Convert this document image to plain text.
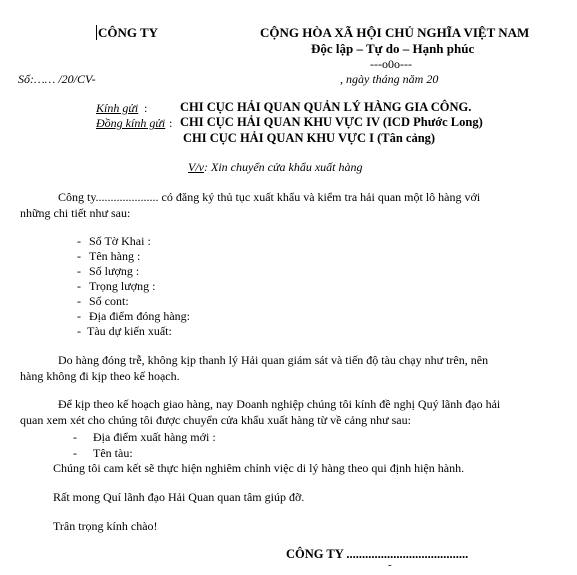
CÔNG TY	CỘNG HÒA XÃ HỘI CHỦ NGHĨA VIỆT NAM
Độc lập – Tự do – Hạnh phúc
---o0o---
Số:…… /20/CV-	, ngày tháng năm 20
Kính gửi :	CHI CỤC HẢI QUAN QUẢN LÝ HÀNG GIA CÔNG.
Đồng kính gửi : CHI CỤC HẢI QUAN KHU VỰC IV (ICD Phước Long)
CHI CỤC HẢI QUAN KHU VỰC I (Tân cảng)
V/v: Xin chuyển cửa khẩu xuất hàng
Công ty..................... có đăng ký thủ tục xuất khẩu và kiểm tra hải quan một lô hàng với
những chi tiết như sau:
- Số Tờ Khai :
- Tên hàng :
- Số lượng :
- Trọng lượng :
- Số cont:
- Địa điểm đóng hàng:
- Tàu dự kiến xuất:
Do hàng đóng trễ, không kịp thanh lý Hải quan giám sát và tiến độ tàu chạy như trên, nên
hàng không đi kịp theo kế hoạch.
Để kịp theo kế hoạch giao hàng, nay Doanh nghiệp chúng tôi kính đề nghị Quý lãnh đạo hải
quan xem xét cho chúng tôi được chuyển cửa khẩu xuất hàng từ về cảng như sau:
- Địa điểm xuất hàng mới :
- Tên tàu:
Chúng tôi cam kết sẽ thực hiện nghiêm chỉnh việc di lý hàng theo qui định hiện hành.
Rất mong Quí lãnh đạo Hải Quan quan tâm giúp đỡ.
Trân trọng kính chào!
CÔNG TY .......................................
-
